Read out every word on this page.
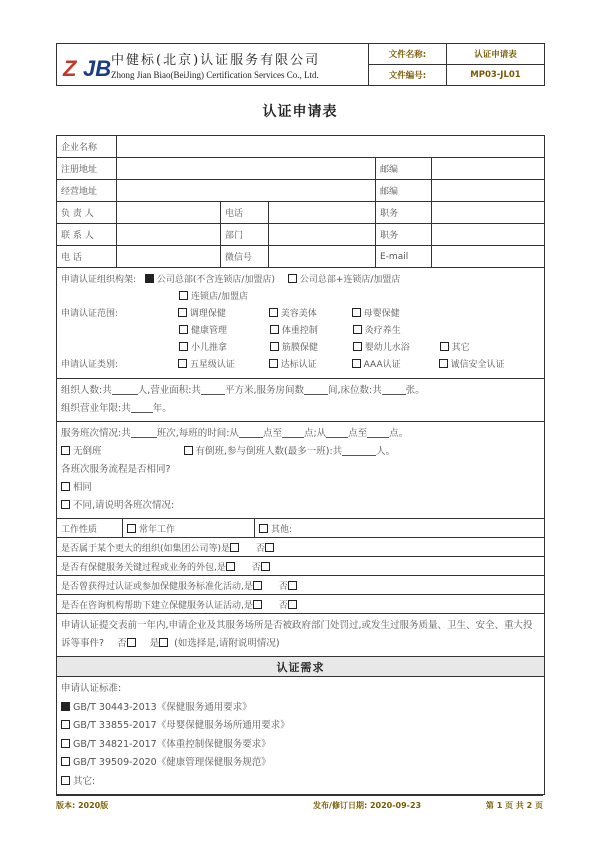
Z JB 中健标(北京)认证服务有限公司
Zhong Jian Biao(BeiJing) Certification Services Co., Ltd.
文件名称:	认证申请表
文件编号:	MP03-JL01
认证申请表
企业名称
注册地址	邮编
经营地址	邮编
负 责 人	电话	职务
联 系 人	部门	职务
电 话	微信号	E-mail
申请认证组织构架: 公司总部(不含连锁店/加盟店)	公司总部+连锁店/加盟店
连锁店/加盟店
申请认证范围:	调理保健	美容美体	母婴保健
健康管理	体重控制	灸疗养生
小儿推拿	筋膜保健	婴幼儿水浴	其它
申请认证类别:	五星级认证	达标认证	AAA认证	诚信安全认证
组织人数:共	人,营业面积:共	平方米,服务房间数	间,床位数:共	张。
组织营业年限:共 年。
服务班次情况:共	班次,每班的时间:从	点至 点;从 点至 点。
无倒班	有倒班,参与倒班人数(最多一班):共	人。
各班次服务流程是否相同?
相同
不同,请说明各班次情况:
工作性质	常年工作	其他:
是否属于某个更大的组织(如集团公司等) 是	否
是否有保健服务关键过程或业务的外包, 是	否
是否曾获得过认证或参加保健服务标准化活动, 是	否
是否在咨询机构帮助下建立保健服务认证活动, 是	否
申请认证提交表前一年内,申请企业及其服务场所是否被政府部门处罚过,或发生过服务质量、卫生、安全、重大投诉等事件? 否 是 (如选择是,请附说明情况)
认证需求
申请认证标准:
GB/T 30443-2013《保健服务通用要求》
GB/T 33855-2017《母婴保健服务场所通用要求》
GB/T 34821-2017《体重控制保健服务要求》
GB/T 39509-2020《健康管理保健服务规范》
其它:
版本: 2020版	发布/修订日期: 2020-09-23	第 1 页 共 2 页
